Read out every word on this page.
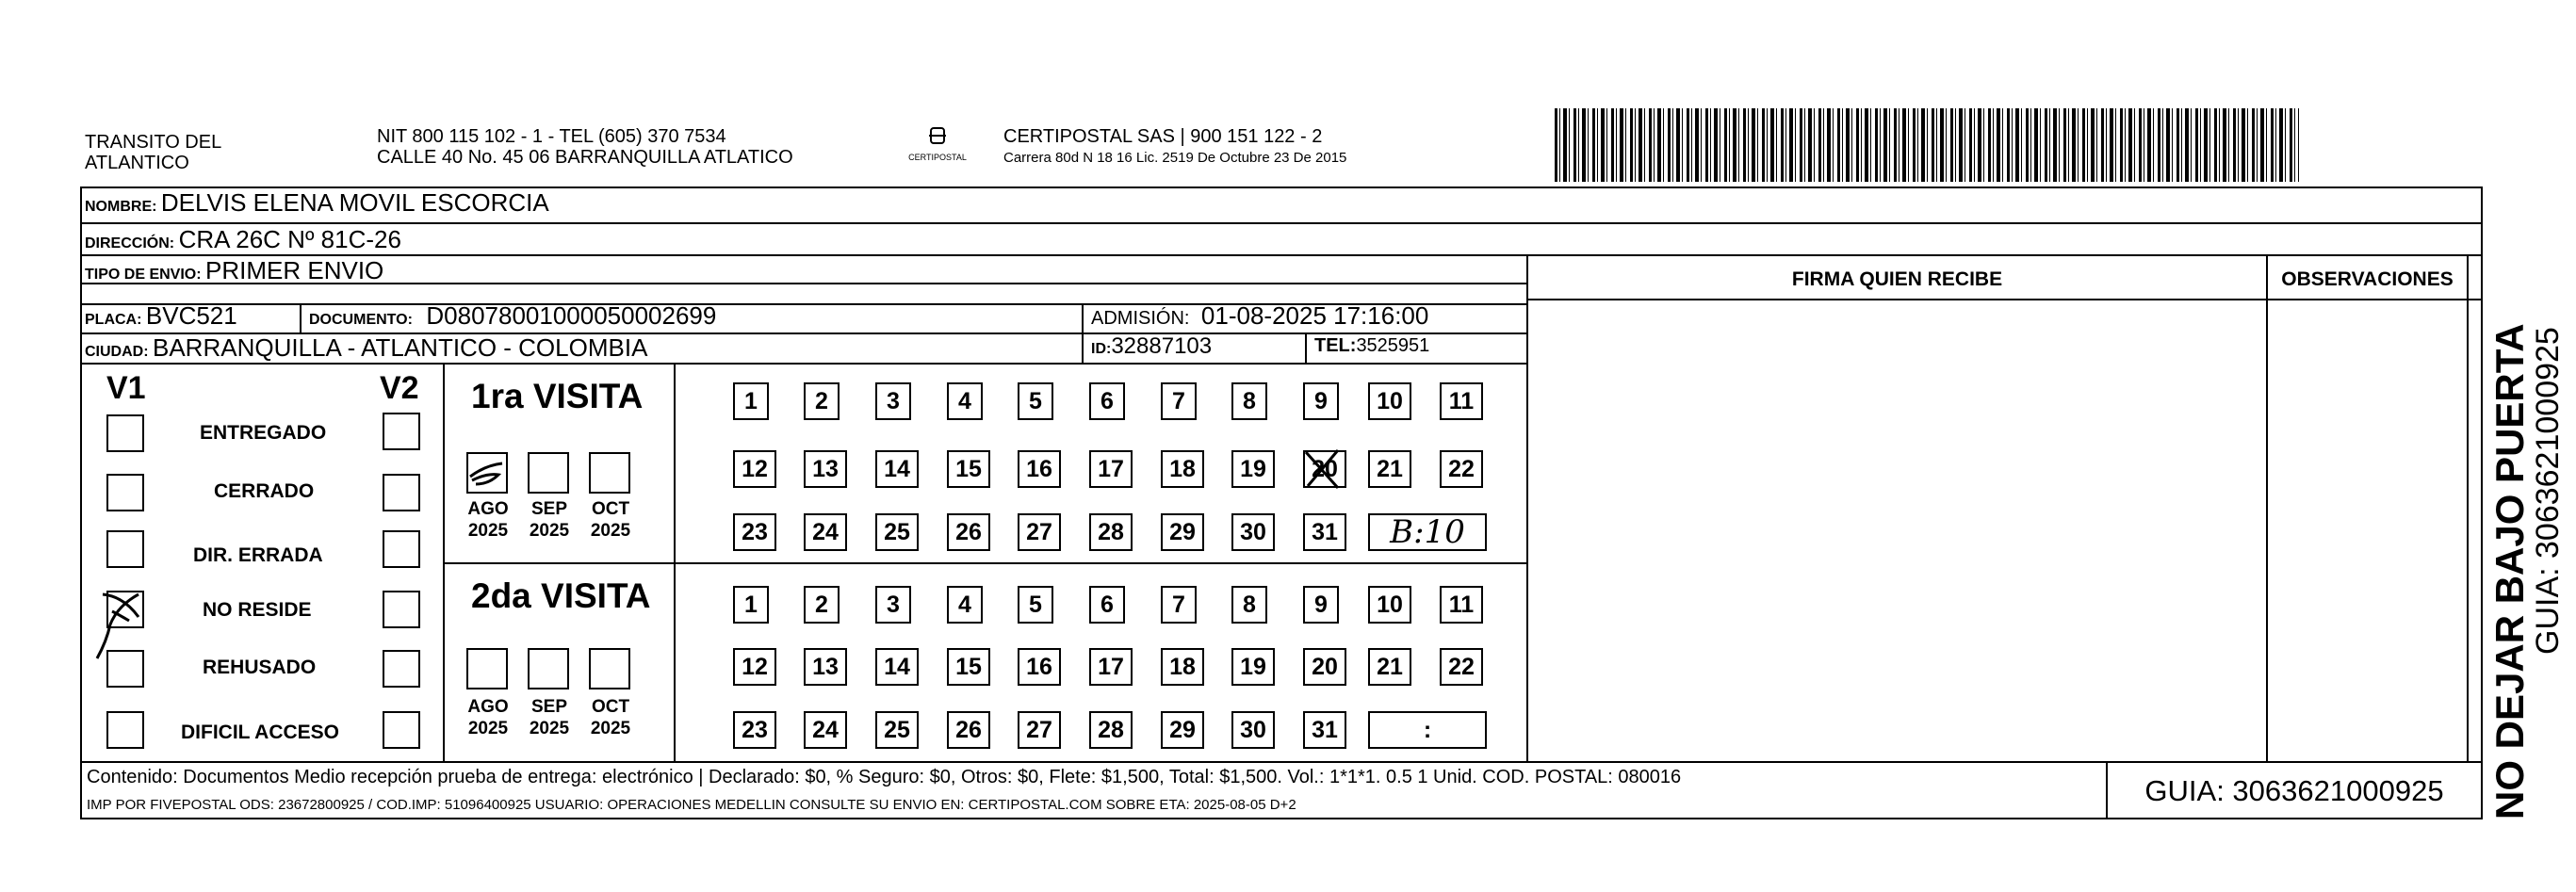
TRANSITO DEL
ATLANTICO
NIT 800 115 102 - 1 - TEL (605) 370 7534
CALLE 40 No. 45 06 BARRANQUILLA ATLATICO	CERTIPOSTAL
CERTIPOSTAL SAS | 900 151 122 - 2
Carrera 80d N 18 16 Lic. 2519 De Octubre 23 De 2015
NOMBRE: DELVIS ELENA MOVIL ESCORCIA
DIRECCIÓN: CRA 26C Nº 81C-26
TIPO DE ENVIO: PRIMER ENVIO
PLACA: BVC521	DOCUMENTO: D08078001000050002699	ADMISIÓN: 01-08-2025 17:16:00
CIUDAD: BARRANQUILLA - ATLANTICO - COLOMBIA	ID:32887103	TEL:3525951
FIRMA QUIEN RECIBE	OBSERVACIONES
V1	V2
ENTREGADO
CERRADO
DIR. ERRADA
NO RESIDE
REHUSADO
DIFICIL ACCESO
1ra VISITA
AGO	SEP	OCT
2025	2025	2025
1	2	3	4	5	6	7	8	9	10	11
12	13	14	15	16	17	18	19	20	21	22
23	24	25	26	27	28	29	30	31	B:10
2da VISITA
AGO	SEP	OCT
2025	2025	2025
1	2	3	4	5	6	7	8	9	10	11
12	13	14	15	16	17	18	19	20	21	22
23	24	25	26	27	28	29	30	31	:
Contenido: Documentos Medio recepción prueba de entrega: electrónico | Declarado: $0, % Seguro: $0, Otros: $0, Flete: $1,500, Total: $1,500. Vol.: 1*1*1. 0.5 1 Unid. COD. POSTAL: 080016
IMP POR FIVEPOSTAL ODS: 23672800925 / COD.IMP: 51096400925 USUARIO: OPERACIONES MEDELLIN CONSULTE SU ENVIO EN: CERTIPOSTAL.COM SOBRE ETA: 2025-08-05 D+2	GUIA: 3063621000925	NO DEJAR BAJO PUERTA
GUIA: 3063621000925
